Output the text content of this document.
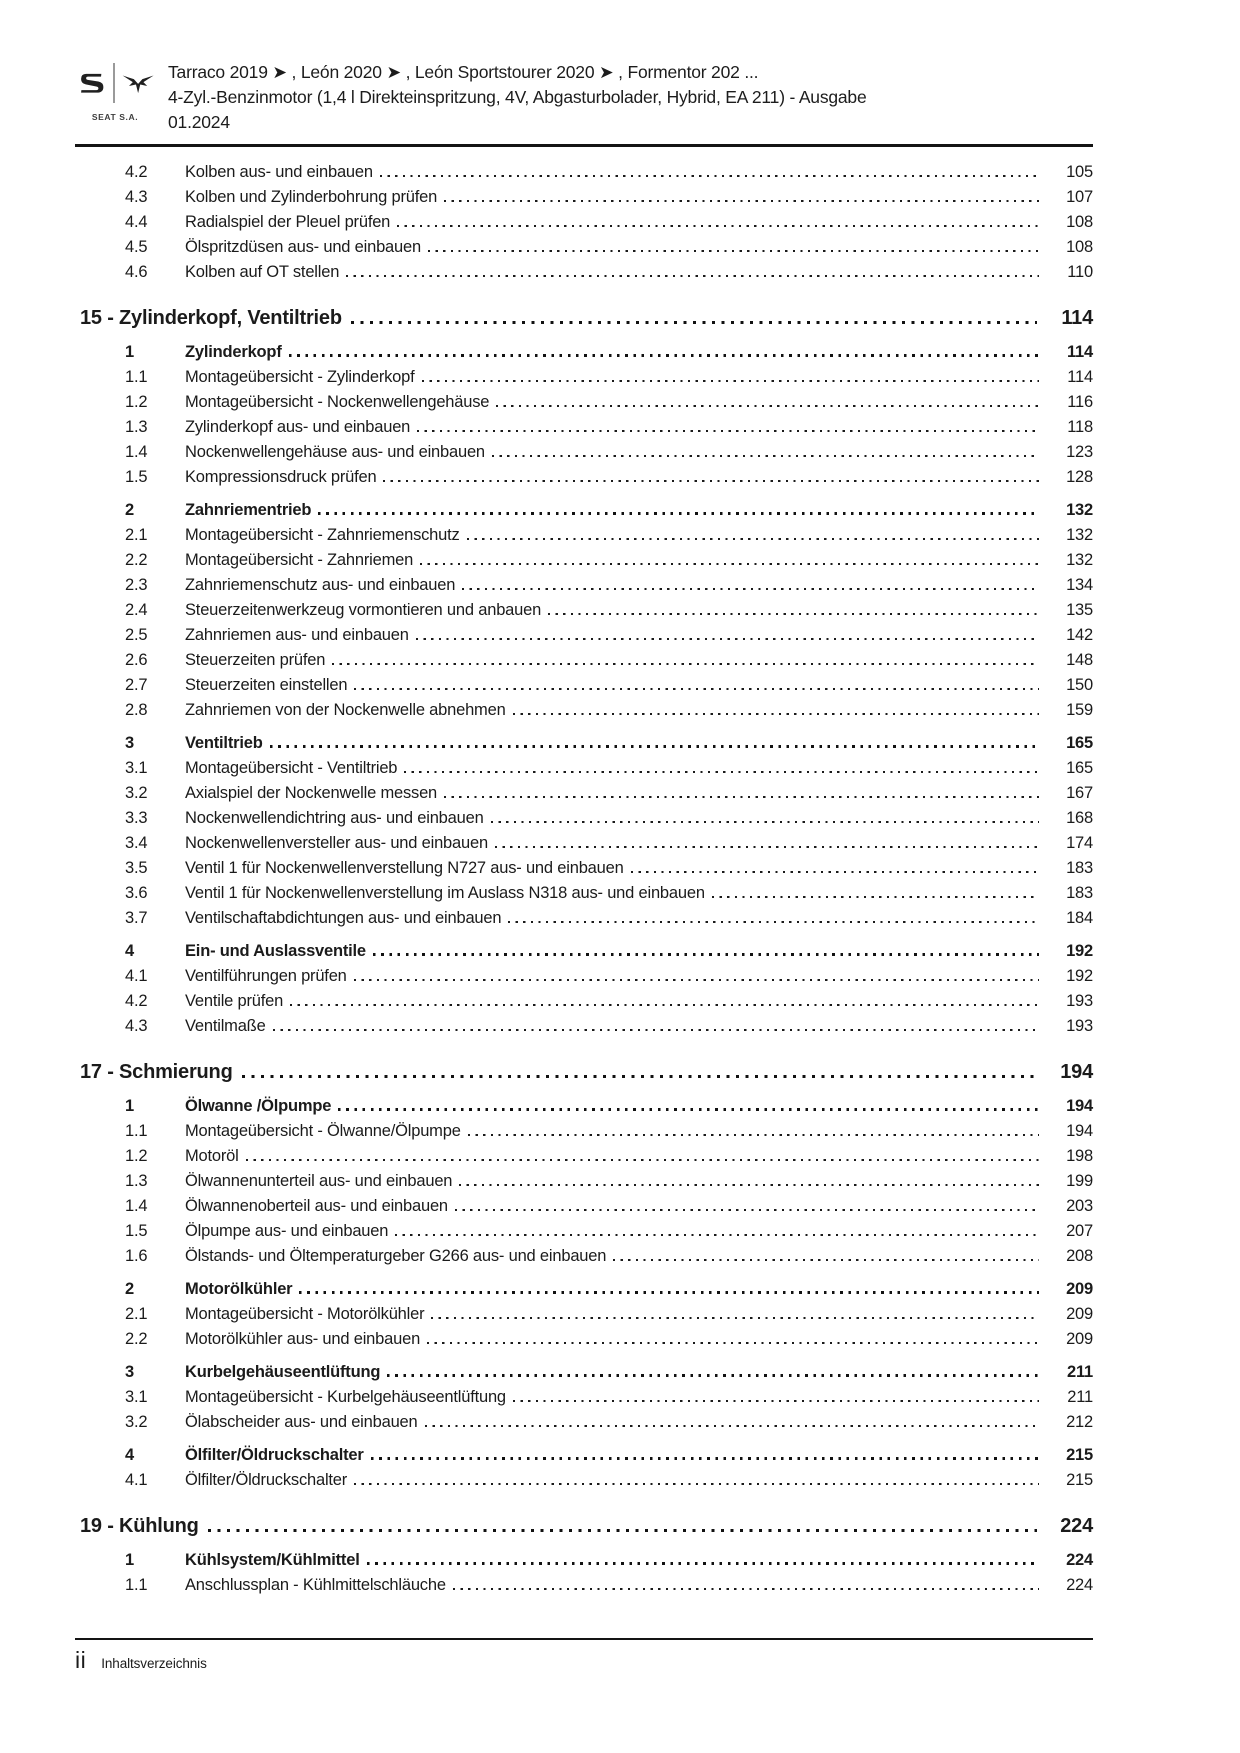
SEAT S.A.
Tarraco 2019 ➤ , León 2020 ➤ , León Sportstourer 2020 ➤ , Formentor 202 ...
4-Zyl.-Benzinmotor (1,4 l Direkteinspritzung, 4V, Abgasturbolader, Hybrid, EA 211) - Ausgabe
01.2024
4.2	Kolben aus- und einbauen	105
4.3	Kolben und Zylinderbohrung prüfen	107
4.4	Radialspiel der Pleuel prüfen	108
4.5	Ölspritzdüsen aus- und einbauen	108
4.6	Kolben auf OT stellen	110
15 - Zylinderkopf, Ventiltrieb	114
1	Zylinderkopf	114
1.1	Montageübersicht - Zylinderkopf	114
1.2	Montageübersicht - Nockenwellengehäuse	116
1.3	Zylinderkopf aus- und einbauen	118
1.4	Nockenwellengehäuse aus- und einbauen	123
1.5	Kompressionsdruck prüfen	128
2	Zahnriementrieb	132
2.1	Montageübersicht - Zahnriemenschutz	132
2.2	Montageübersicht - Zahnriemen	132
2.3	Zahnriemenschutz aus- und einbauen	134
2.4	Steuerzeitenwerkzeug vormontieren und anbauen	135
2.5	Zahnriemen aus- und einbauen	142
2.6	Steuerzeiten prüfen	148
2.7	Steuerzeiten einstellen	150
2.8	Zahnriemen von der Nockenwelle abnehmen	159
3	Ventiltrieb	165
3.1	Montageübersicht - Ventiltrieb	165
3.2	Axialspiel der Nockenwelle messen	167
3.3	Nockenwellendichtring aus- und einbauen	168
3.4	Nockenwellenversteller aus- und einbauen	174
3.5	Ventil 1 für Nockenwellenverstellung N727 aus- und einbauen	183
3.6	Ventil 1 für Nockenwellenverstellung im Auslass N318 aus- und einbauen	183
3.7	Ventilschaftabdichtungen aus- und einbauen	184
4	Ein- und Auslassventile	192
4.1	Ventilführungen prüfen	192
4.2	Ventile prüfen	193
4.3	Ventilmaße	193
17 - Schmierung	194
1	Ölwanne /Ölpumpe	194
1.1	Montageübersicht - Ölwanne/Ölpumpe	194
1.2	Motoröl	198
1.3	Ölwannenunterteil aus- und einbauen	199
1.4	Ölwannenoberteil aus- und einbauen	203
1.5	Ölpumpe aus- und einbauen	207
1.6	Ölstands- und Öltemperaturgeber G266 aus- und einbauen	208
2	Motorölkühler	209
2.1	Montageübersicht - Motorölkühler	209
2.2	Motorölkühler aus- und einbauen	209
3	Kurbelgehäuseentlüftung	211
3.1	Montageübersicht - Kurbelgehäuseentlüftung	211
3.2	Ölabscheider aus- und einbauen	212
4	Ölfilter/Öldruckschalter	215
4.1	Ölfilter/Öldruckschalter	215
19 - Kühlung	224
1	Kühlsystem/Kühlmittel	224
1.1	Anschlussplan - Kühlmittelschläuche	224
ii Inhaltsverzeichnis
